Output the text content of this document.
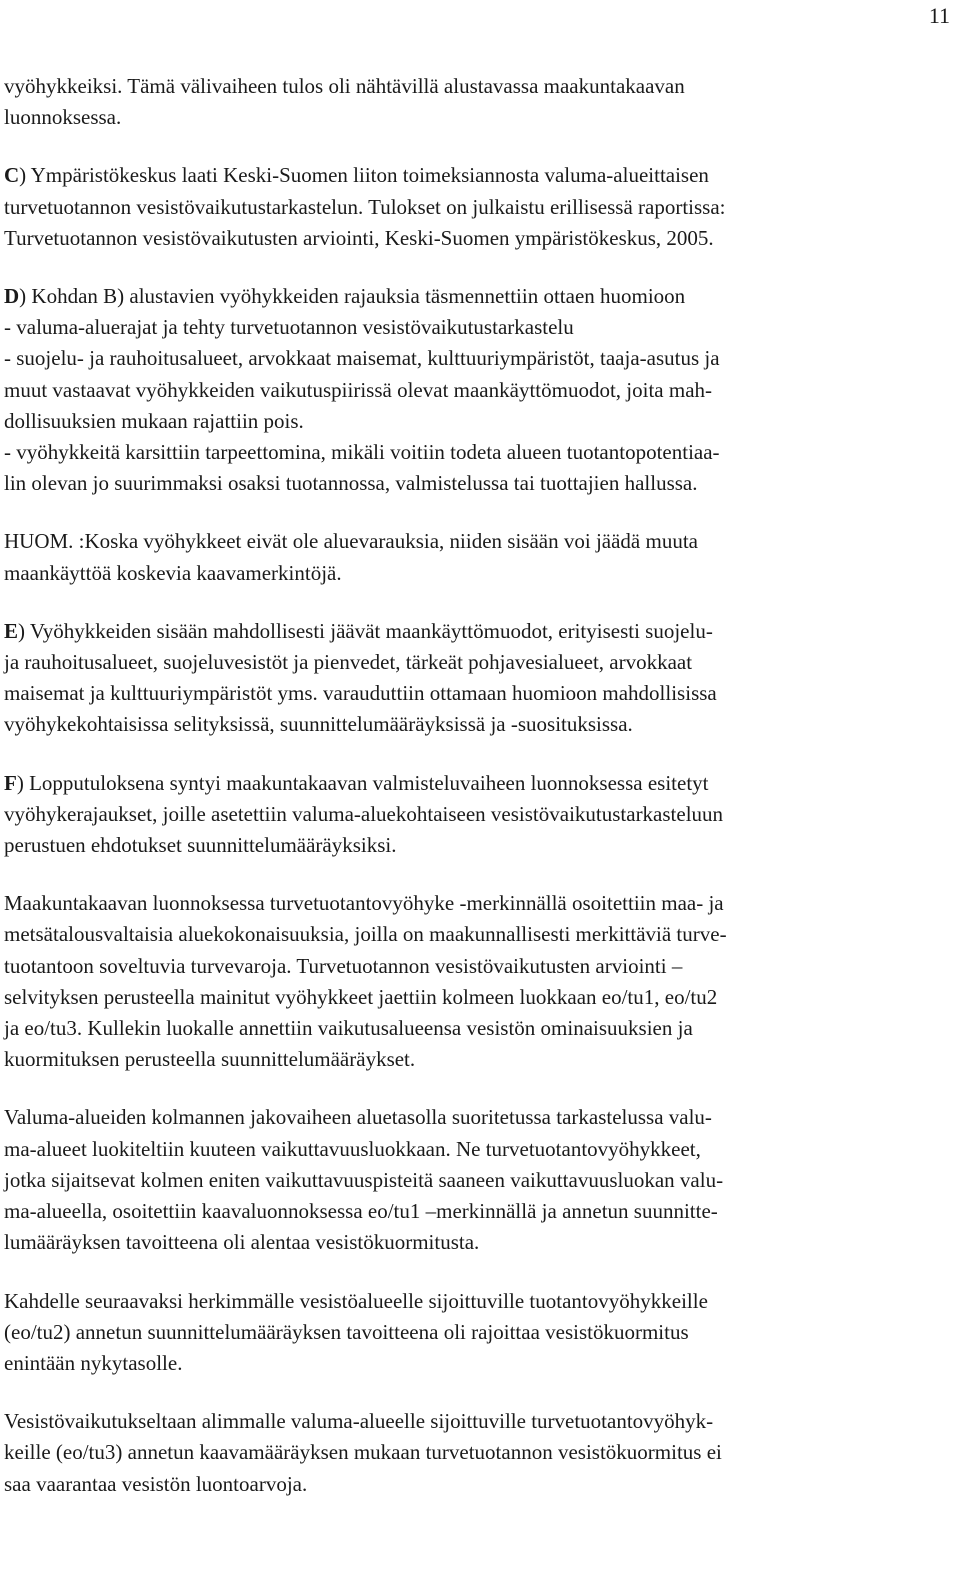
11
vyöhykkeiksi. Tämä välivaiheen tulos oli nähtävillä alustavassa maakuntakaavan
luonnoksessa.
C) Ympäristökeskus laati Keski-Suomen liiton toimeksiannosta valuma-alueittaisen
turvetuotannon vesistövaikutustarkastelun. Tulokset on julkaistu erillisessä raportissa:
Turvetuotannon vesistövaikutusten arviointi, Keski-Suomen ympäristökeskus, 2005.
D) Kohdan B) alustavien vyöhykkeiden rajauksia täsmennettiin ottaen huomioon
- valuma-aluerajat ja tehty turvetuotannon vesistövaikutustarkastelu
- suojelu- ja rauhoitusalueet, arvokkaat maisemat, kulttuuriympäristöt, taaja-asutus ja
muut vastaavat vyöhykkeiden vaikutuspiirissä olevat maankäyttömuodot, joita mah-
dollisuuksien mukaan rajattiin pois.
- vyöhykkeitä karsittiin tarpeettomina, mikäli voitiin todeta alueen tuotantopotentiaa-
lin olevan jo suurimmaksi osaksi tuotannossa, valmistelussa tai tuottajien hallussa.
HUOM. :Koska vyöhykkeet eivät ole aluevarauksia, niiden sisään voi jäädä muuta
maankäyttöä koskevia kaavamerkintöjä.
E) Vyöhykkeiden sisään mahdollisesti jäävät maankäyttömuodot, erityisesti suojelu-
ja rauhoitusalueet, suojeluvesistöt ja pienvedet, tärkeät pohjavesialueet, arvokkaat
maisemat ja kulttuuriympäristöt yms. varauduttiin ottamaan huomioon mahdollisissa
vyöhykekohtaisissa selityksissä, suunnittelumääräyksissä ja -suosituksissa.
F) Lopputuloksena syntyi maakuntakaavan valmisteluvaiheen luonnoksessa esitetyt
vyöhykerajaukset, joille asetettiin valuma-aluekohtaiseen vesistövaikutustarkasteluun
perustuen ehdotukset suunnittelumääräyksiksi.
Maakuntakaavan luonnoksessa turvetuotantovyöhyke -merkinnällä osoitettiin maa- ja
metsätalousvaltaisia aluekokonaisuuksia, joilla on maakunnallisesti merkittäviä turve-
tuotantoon soveltuvia turvevaroja. Turvetuotannon vesistövaikutusten arviointi –
selvityksen perusteella mainitut vyöhykkeet jaettiin kolmeen luokkaan eo/tu1, eo/tu2
ja eo/tu3. Kullekin luokalle annettiin vaikutusalueensa vesistön ominaisuuksien ja
kuormituksen perusteella suunnittelumääräykset.
Valuma-alueiden kolmannen jakovaiheen aluetasolla suoritetussa tarkastelussa valu-
ma-alueet luokiteltiin kuuteen vaikuttavuusluokkaan. Ne turvetuotantovyöhykkeet,
jotka sijaitsevat kolmen eniten vaikuttavuuspisteitä saaneen vaikuttavuusluokan valu-
ma-alueella, osoitettiin kaavaluonnoksessa eo/tu1 –merkinnällä ja annetun suunnitte-
lumääräyksen tavoitteena oli alentaa vesistökuormitusta.
Kahdelle seuraavaksi herkimmälle vesistöalueelle sijoittuville tuotantovyöhykkeille
(eo/tu2) annetun suunnittelumääräyksen tavoitteena oli rajoittaa vesistökuormitus
enintään nykytasolle.
Vesistövaikutukseltaan alimmalle valuma-alueelle sijoittuville turvetuotantovyöhyk-
keille (eo/tu3) annetun kaavamääräyksen mukaan turvetuotannon vesistökuormitus ei
saa vaarantaa vesistön luontoarvoja.
